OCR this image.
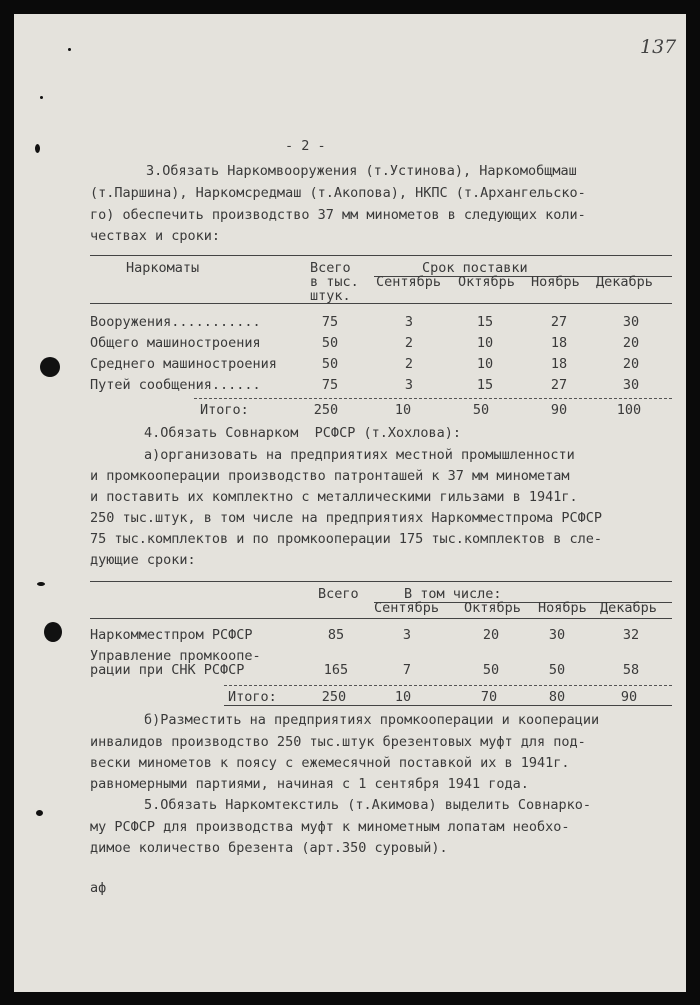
137
- 2 -
3.Обязать Наркомвооружения (т.Устинова), Наркомобщмаш
(т.Паршина), Наркомсредмаш (т.Акопова), НКПС (т.Архангельско-
го) обеспечить производство 37 мм минометов в следующих коли-
чествах и сроки:
Наркоматы	Всего
в тыс.
штук.
Срок поставки
Сентябрь Октябрь Ноябрь Декабрь
Вооружения...........	75	3	15	27	30
Общего машиностроения	50	2	10	18	20
Среднего машиностроения	50	2	10	18	20
Путей сообщения......	75	3	15	27	30
Итого:	250	10	50	90	100
4.Обязать Совнарком  РСФСР (т.Хохлова):
а)организовать на предприятиях местной промышленности
и промкооперации производство патронташей к 37 мм минометам
и поставить их комплектно с металлическими гильзами в 1941г.
250 тыс.штук, в том числе на предприятиях Наркомместпрома РСФСР
75 тыс.комплектов и по промкооперации 175 тыс.комплектов в сле-
дующие сроки:
Всего	В том числе:
Сентябрь Октябрь Ноябрь Декабрь
Наркомместпром РСФСР	85	3	20	30	32
Управление промкоопе-
рации при СНК РСФСР	165	7	50	50	58
Итого:	250	10	70	80	90
б)Разместить на предприятиях промкооперации и кооперации
инвалидов производство 250 тыс.штук брезентовых муфт для под-
вески минометов к поясу с ежемесячной поставкой их в 1941г.
равномерными партиями, начиная с 1 сентября 1941 года.
5.Обязать Наркомтекстиль (т.Акимова) выделить Совнарко-
му РСФСР для производства муфт к минометным лопатам необхо-
димое количество брезента (арт.350 суровый).
аф
